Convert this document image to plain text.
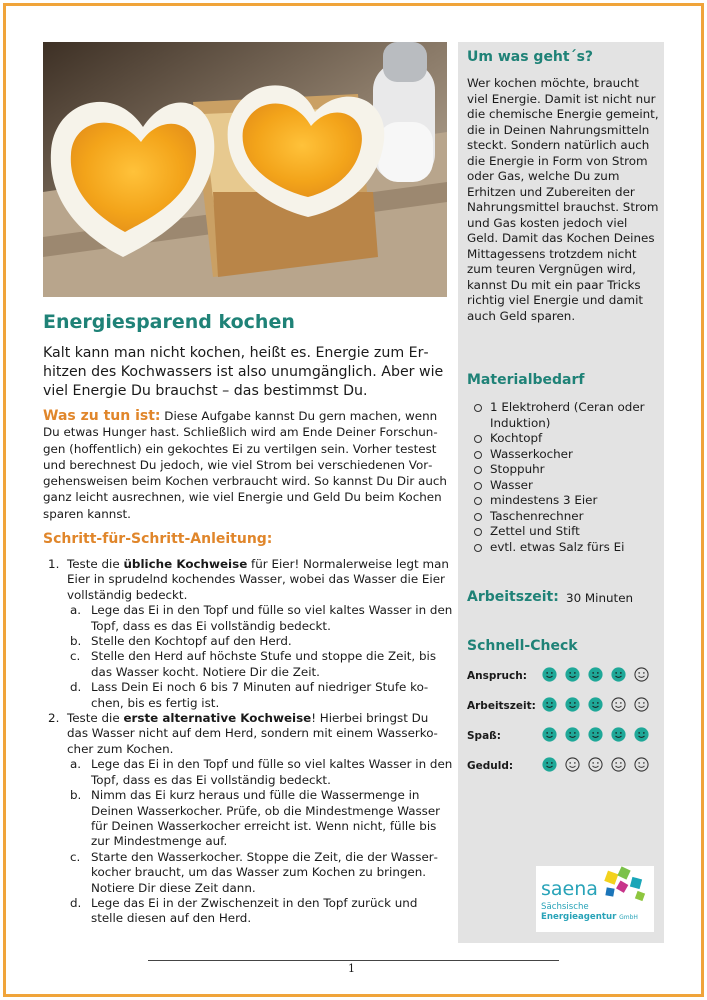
Energiesparend kochen
Kalt kann man nicht kochen, heißt es. Energie zum Erhitzen des Kochwassers ist also unumgänglich. Aber wie viel Energie Du brauchst – das bestimmst Du.
Was zu tun ist: Diese Aufgabe kannst Du gern machen, wenn Du etwas Hunger hast. Schließlich wird am Ende Deiner Forschungen (hoffentlich) ein gekochtes Ei zu vertilgen sein. Vorher testest und berechnest Du jedoch, wie viel Strom bei verschiedenen Vorgehensweisen beim Kochen verbraucht wird. So kannst Du Dir auch ganz leicht ausrechnen, wie viel Energie und Geld Du beim Kochen sparen kannst.
Schritt-für-Schritt-Anleitung:
1. Teste die übliche Kochweise für Eier! Normalerweise legt man Eier in sprudelnd kochendes Wasser, wobei das Wasser die Eier vollständig bedeckt.
a. Lege das Ei in den Topf und fülle so viel kaltes Wasser in den Topf, dass es das Ei vollständig bedeckt.
b. Stelle den Kochtopf auf den Herd.
c. Stelle den Herd auf höchste Stufe und stoppe die Zeit, bis das Wasser kocht. Notiere Dir die Zeit.
d. Lass Dein Ei noch 6 bis 7 Minuten auf niedriger Stufe kochen, bis es fertig ist.
2. Teste die erste alternative Kochweise! Hierbei bringst Du das Wasser nicht auf dem Herd, sondern mit einem Wasserkocher zum Kochen.
a. Lege das Ei in den Topf und fülle so viel kaltes Wasser in den Topf, dass es das Ei vollständig bedeckt.
b. Nimm das Ei kurz heraus und fülle die Wassermenge in Deinen Wasserkocher. Prüfe, ob die Mindestmenge Wasser für Deinen Wasserkocher erreicht ist. Wenn nicht, fülle bis zur Mindestmenge auf.
c. Starte den Wasserkocher. Stoppe die Zeit, die der Wasserkocher braucht, um das Wasser zum Kochen zu bringen. Notiere Dir diese Zeit dann.
d. Lege das Ei in der Zwischenzeit in den Topf zurück und stelle diesen auf den Herd.
Um was geht´s?
Wer kochen möchte, braucht viel Energie. Damit ist nicht nur die chemische Energie gemeint, die in Deinen Nahrungsmitteln steckt. Sondern natürlich auch die Energie in Form von Strom oder Gas, welche Du zum Erhitzen und Zubereiten der Nahrungsmittel brauchst. Strom und Gas kosten jedoch viel Geld. Damit das Kochen Deines Mittagessens trotzdem nicht zum teuren Vergnügen wird, kannst Du mit ein paar Tricks richtig viel Energie und damit auch Geld sparen.
Materialbedarf
1 Elektroherd (Ceran oder Induktion)
Kochtopf
Wasserkocher
Stoppuhr
Wasser
mindestens 3 Eier
Taschenrechner
Zettel und Stift
evtl. etwas Salz fürs Ei
Arbeitszeit: 30 Minuten
Schnell-Check
Anspruch:
Arbeitszeit:
Spaß:
Geduld:
saena
Sächsische
Energieagentur GmbH
1
